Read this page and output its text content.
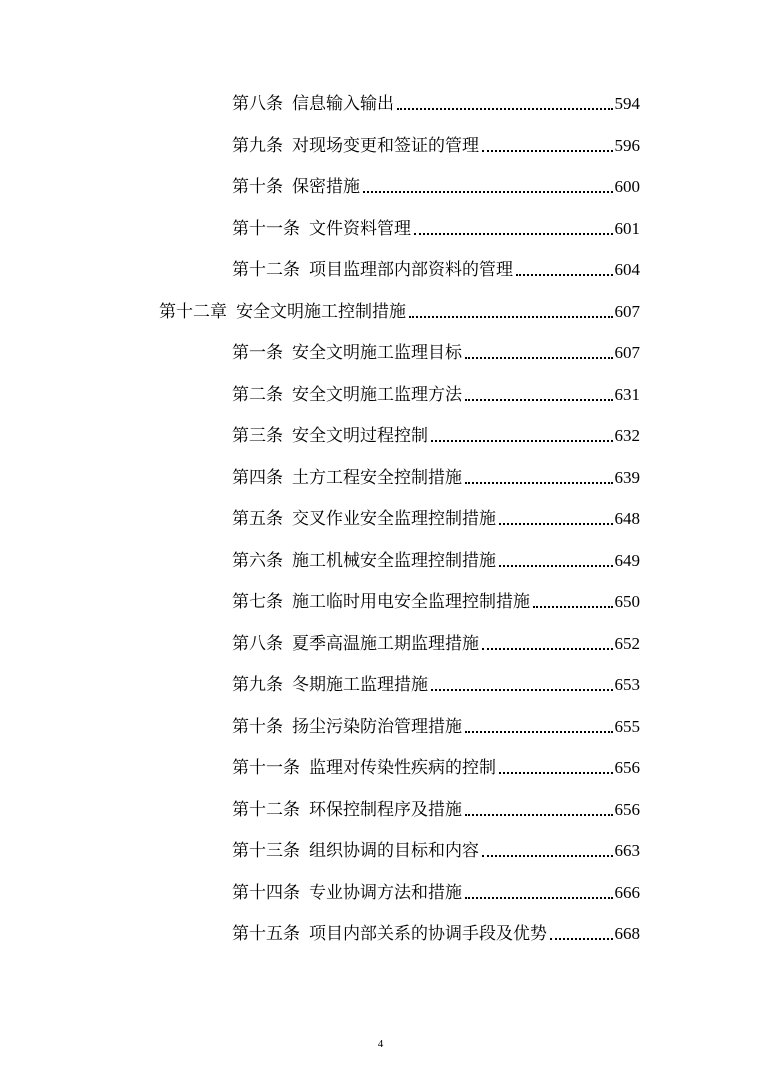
第八条 信息输入输出	594
第九条 对现场变更和签证的管理	596
第十条 保密措施	600
第十一条 文件资料管理	601
第十二条 项目监理部内部资料的管理	604
第十二章 安全文明施工控制措施	607
第一条 安全文明施工监理目标	607
第二条 安全文明施工监理方法	631
第三条 安全文明过程控制	632
第四条 土方工程安全控制措施	639
第五条 交叉作业安全监理控制措施	648
第六条 施工机械安全监理控制措施	649
第七条 施工临时用电安全监理控制措施	650
第八条 夏季高温施工期监理措施	652
第九条 冬期施工监理措施	653
第十条 扬尘污染防治管理措施	655
第十一条 监理对传染性疾病的控制	656
第十二条 环保控制程序及措施	656
第十三条 组织协调的目标和内容	663
第十四条 专业协调方法和措施	666
第十五条 项目内部关系的协调手段及优势	668
4
